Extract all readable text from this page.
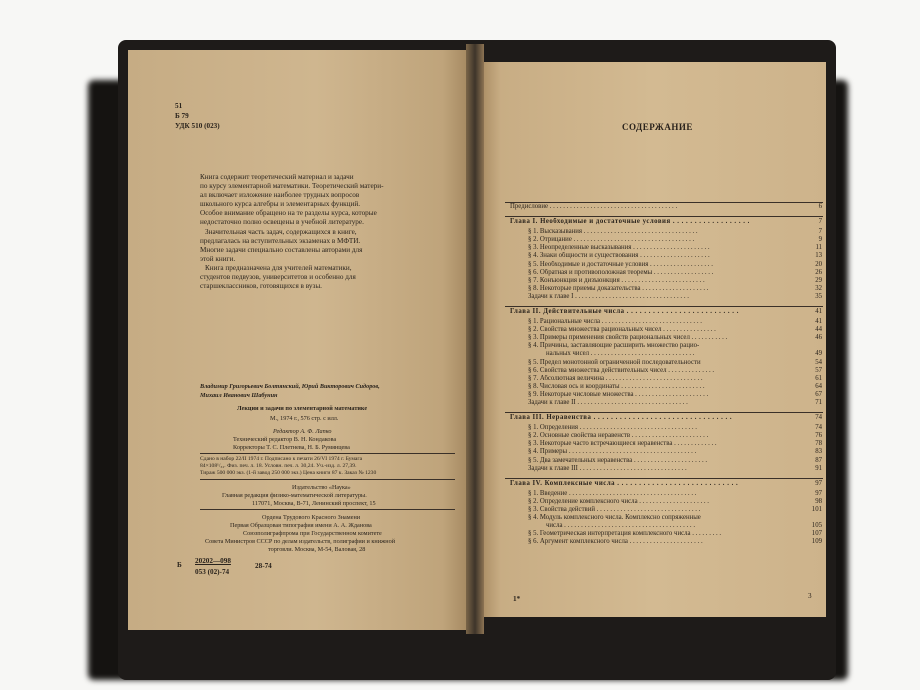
51
Б 79
УДК 510 (023)
Книга содержит теоретический материал и задачи
по курсу элементарной математики. Теоретический матери-
ал включает изложение наиболее трудных вопросов
школьного курса алгебры и элементарных функций.
Особое внимание обращено на те разделы курса, которые
недостаточно полно освещены в учебной литературе.
Значительная часть задач, содержащихся в книге,
предлагалась на вступительных экзаменах в МФТИ.
Многие задачи специально составлены авторами для
этой книги.
Книга предназначена для учителей математики,
студентов педвузов, университетов и особенно для
старшеклассников, готовящихся в вузы.
Владимир Григорьевич Болтянский, Юрий Викторович Сидоров,
Михаил Иванович Шабунин
Лекции и задачи по элементарной математике
М., 1974 г., 576 стр. с илл.
Редактор А. Ф. Лапко
Технический редактор В. Н. Кондакова
Корректоры Т. С. Плетнева, Н. Б. Румянцева
Сдано в набор 22/II 1974 г. Подписано к печати 26/VI 1974 г. Бумага
84×108¹/₃₂. Физ. печ. л. 18. Условн. печ. л. 30,24. Уч.-изд. л. 27,39.
Тираж 500 000 экз. (1-й завод 250 000 экз.) Цена книги 87 к. Заказ № 1230
Издательство «Наука»
Главная редакция физико-математической литературы.
117071, Москва, В-71, Ленинский проспект, 15
Ордена Трудового Красного Знамени
Первая Образцовая типография имени А. А. Жданова
Союзполиграфпрома при Государственном комитете
Совета Министров СССР по делам издательств, полиграфии и книжной
торговли. Москва, М-54, Валовая, 28
Б 20202—098
053 (02)-74
28-74
СОДЕРЖАНИЕ
Предисловие . . . . . . . . . . . . . . . . . . . . . . . . . . . . . . . . . . . . . .	6
Глава I. Необходимые и достаточные условия . . . . . . . . . . . . . . . . . .	7
§ 1. Высказывания . . . . . . . . . . . . . . . . . . . . . . . . . . . . . . . . . .	7
§ 2. Отрицание . . . . . . . . . . . . . . . . . . . . . . . . . . . . . . . . . . . .	9
§ 3. Неопределенные высказывания . . . . . . . . . . . . . . . . . . . . . . .	11
§ 4. Знаки общности и существования . . . . . . . . . . . . . . . . . . . . .	13
§ 5. Необходимые и достаточные условия . . . . . . . . . . . . . . . . . . .	20
§ 6. Обратная и противоположная теоремы . . . . . . . . . . . . . . . . . .	26
§ 7. Конъюнкция и дизъюнкция . . . . . . . . . . . . . . . . . . . . . . . . .	29
§ 8. Некоторые приемы доказательства . . . . . . . . . . . . . . . . . . . .	32
Задачи к главе I . . . . . . . . . . . . . . . . . . . . . . . . . . . . . . . . . .	35
Глава II. Действительные числа . . . . . . . . . . . . . . . . . . . . . . . . . .	41
§ 1. Рациональные числа . . . . . . . . . . . . . . . . . . . . . . . . . . . . . .	41
§ 2. Свойства множества рациональных чисел . . . . . . . . . . . . . . . .	44
§ 3. Примеры применения свойств рациональных чисел . . . . . . . . . . .	46
§ 4. Причины, заставляющие расширить множество рацио-
нальных чисел . . . . . . . . . . . . . . . . . . . . . . . . . . . . . . .	49
§ 5. Предел монотонной ограниченной последовательности	54
§ 6. Свойства множества действительных чисел . . . . . . . . . . . . . .	57
§ 7. Абсолютная величина . . . . . . . . . . . . . . . . . . . . . . . . . . . . .	61
§ 8. Числовая ось и координаты . . . . . . . . . . . . . . . . . . . . . . . . .	64
§ 9. Некоторые числовые множества . . . . . . . . . . . . . . . . . . . . . .	67
Задачи к главе II . . . . . . . . . . . . . . . . . . . . . . . . . . . . . . . . .	71
Глава III. Неравенства . . . . . . . . . . . . . . . . . . . . . . . . . . . . . . . .	74
§ 1. Определения . . . . . . . . . . . . . . . . . . . . . . . . . . . . . . . . . . .	74
§ 2. Основные свойства неравенств . . . . . . . . . . . . . . . . . . . . . . .	76
§ 3. Некоторые часто встречающиеся неравенства . . . . . . . . . . . . .	78
§ 4. Примеры . . . . . . . . . . . . . . . . . . . . . . . . . . . . . . . . . . . . . .	83
§ 5. Два замечательных неравенства . . . . . . . . . . . . . . . . . . . . . .	87
Задачи к главе III . . . . . . . . . . . . . . . . . . . . . . . . . . . . . . . .	91
Глава IV. Комплексные числа . . . . . . . . . . . . . . . . . . . . . . . . . . . .	97
§ 1. Введение . . . . . . . . . . . . . . . . . . . . . . . . . . . . . . . . . . . . . .	97
§ 2. Определение комплексного числа . . . . . . . . . . . . . . . . . . . . .	98
§ 3. Свойства действий . . . . . . . . . . . . . . . . . . . . . . . . . . . . . . .	101
§ 4. Модуль комплексного числа. Комплексно сопряженные
числа . . . . . . . . . . . . . . . . . . . . . . . . . . . . . . . . . . . . . . .	105
§ 5. Геометрическая интерпретация комплексного числа . . . . . . . . .	107
§ 6. Аргумент комплексного числа . . . . . . . . . . . . . . . . . . . . . .	109
1*	3
